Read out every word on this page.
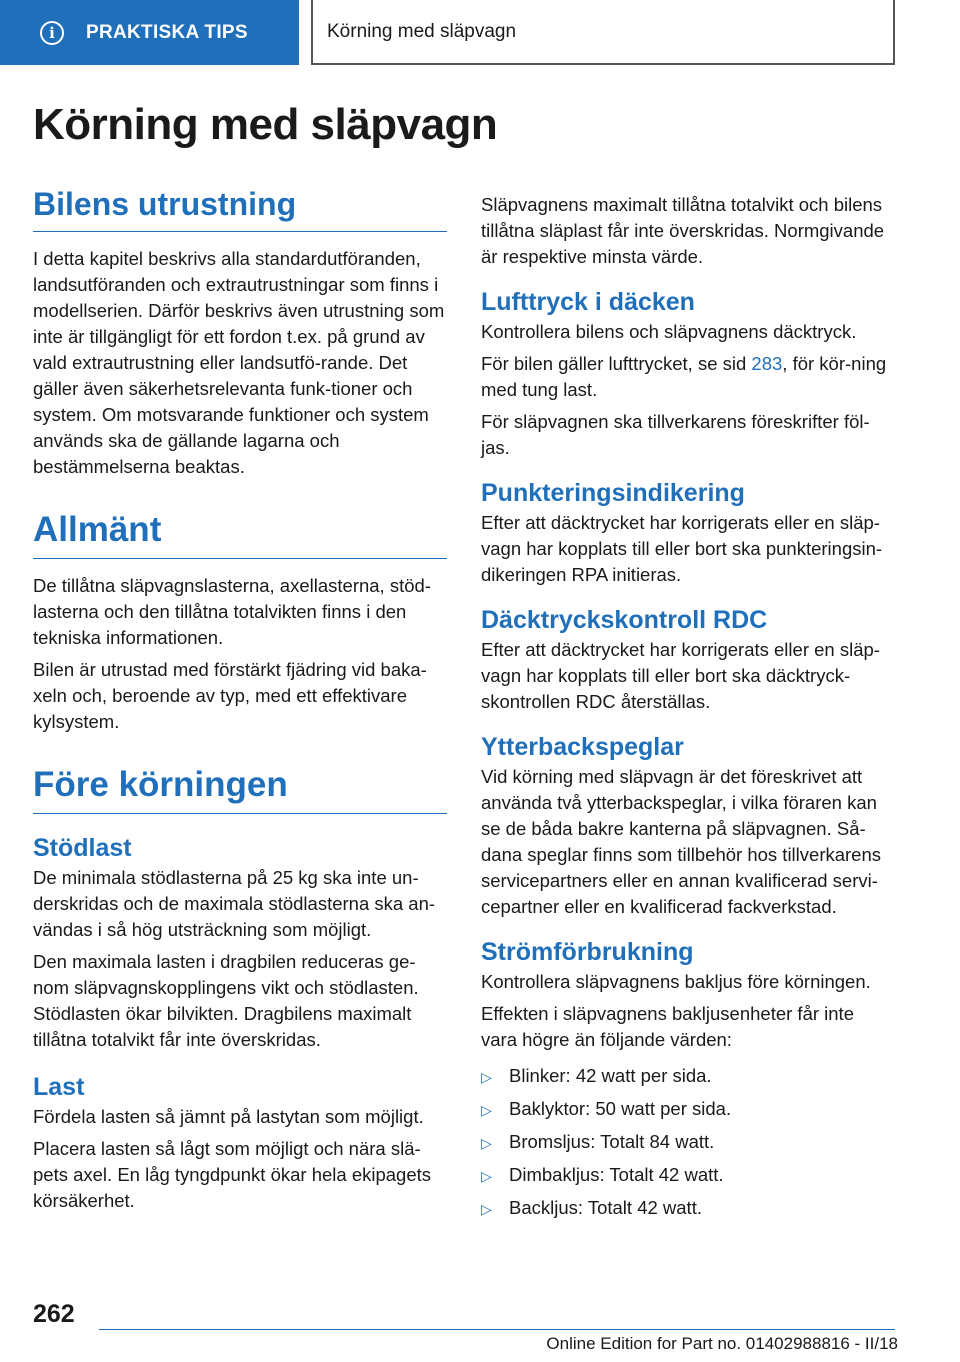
i	PRAKTISKA TIPS	Körning med släpvagn
Körning med släpvagn
Bilens utrustning

I detta kapitel beskrivs alla standardutföranden, landsutföranden och extrautrustningar som finns i modellserien. Därför beskrivs även utrustning som inte är tillgängligt för ett fordon t.ex. på grund av vald extrautrustning eller landsutfö-rande. Det gäller även säkerhetsrelevanta funk-tioner och system. Om motsvarande funktioner och system används ska de gällande lagarna och bestämmelserna beaktas.

Allmänt

De tillåtna släpvagnslasterna, axellasterna, stöd-lasterna och den tillåtna totalvikten finns i den tekniska informationen.

Bilen är utrustad med förstärkt fjädring vid baka-xeln och, beroende av typ, med ett effektivare kylsystem.

Före körningen
Stödlast

De minimala stödlasterna på 25 kg ska inte un-derskridas och de maximala stödlasterna ska an-vändas i så hög utsträckning som möjligt.

Den maximala lasten i dragbilen reduceras ge-nom släpvagnskopplingens vikt och stödlasten. Stödlasten ökar bilvikten. Dragbilens maximalt tillåtna totalvikt får inte överskridas.

Last

Fördela lasten så jämnt på lastytan som möjligt.

Placera lasten så lågt som möjligt och nära slä-pets axel. En låg tyngdpunkt ökar hela ekipagets körsäkerhet.

Släpvagnens maximalt tillåtna totalvikt och bilens tillåtna släplast får inte överskridas. Normgivande är respektive minsta värde.

Lufttryck i däcken

Kontrollera bilens och släpvagnens däcktryck.

För bilen gäller lufttrycket, se sid 283, för kör-ning med tung last.

För släpvagnen ska tillverkarens föreskrifter föl-jas.

Punkteringsindikering

Efter att däcktrycket har korrigerats eller en släp-vagn har kopplats till eller bort ska punkteringsin-dikeringen RPA initieras.

Däcktryckskontroll RDC

Efter att däcktrycket har korrigerats eller en släp-vagn har kopplats till eller bort ska däcktryck-skontrollen RDC återställas.

Ytterbackspeglar

Vid körning med släpvagn är det föreskrivet att använda två ytterbackspeglar, i vilka föraren kan se de båda bakre kanterna på släpvagnen. Så-dana speglar finns som tillbehör hos tillverkarens servicepartners eller en annan kvalificerad servi-cepartner eller en kvalificerad fackverkstad.

Strömförbrukning

Kontrollera släpvagnens bakljus före körningen.

Effekten i släpvagnens bakljusenheter får inte vara högre än följande värden:

▷ Blinker: 42 watt per sida.
▷ Baklyktor: 50 watt per sida.
▷ Bromsljus: Totalt 84 watt.
▷ Dimbakljus: Totalt 42 watt.
▷ Backljus: Totalt 42 watt.
262
Online Edition for Part no. 01402988816 - II/18
